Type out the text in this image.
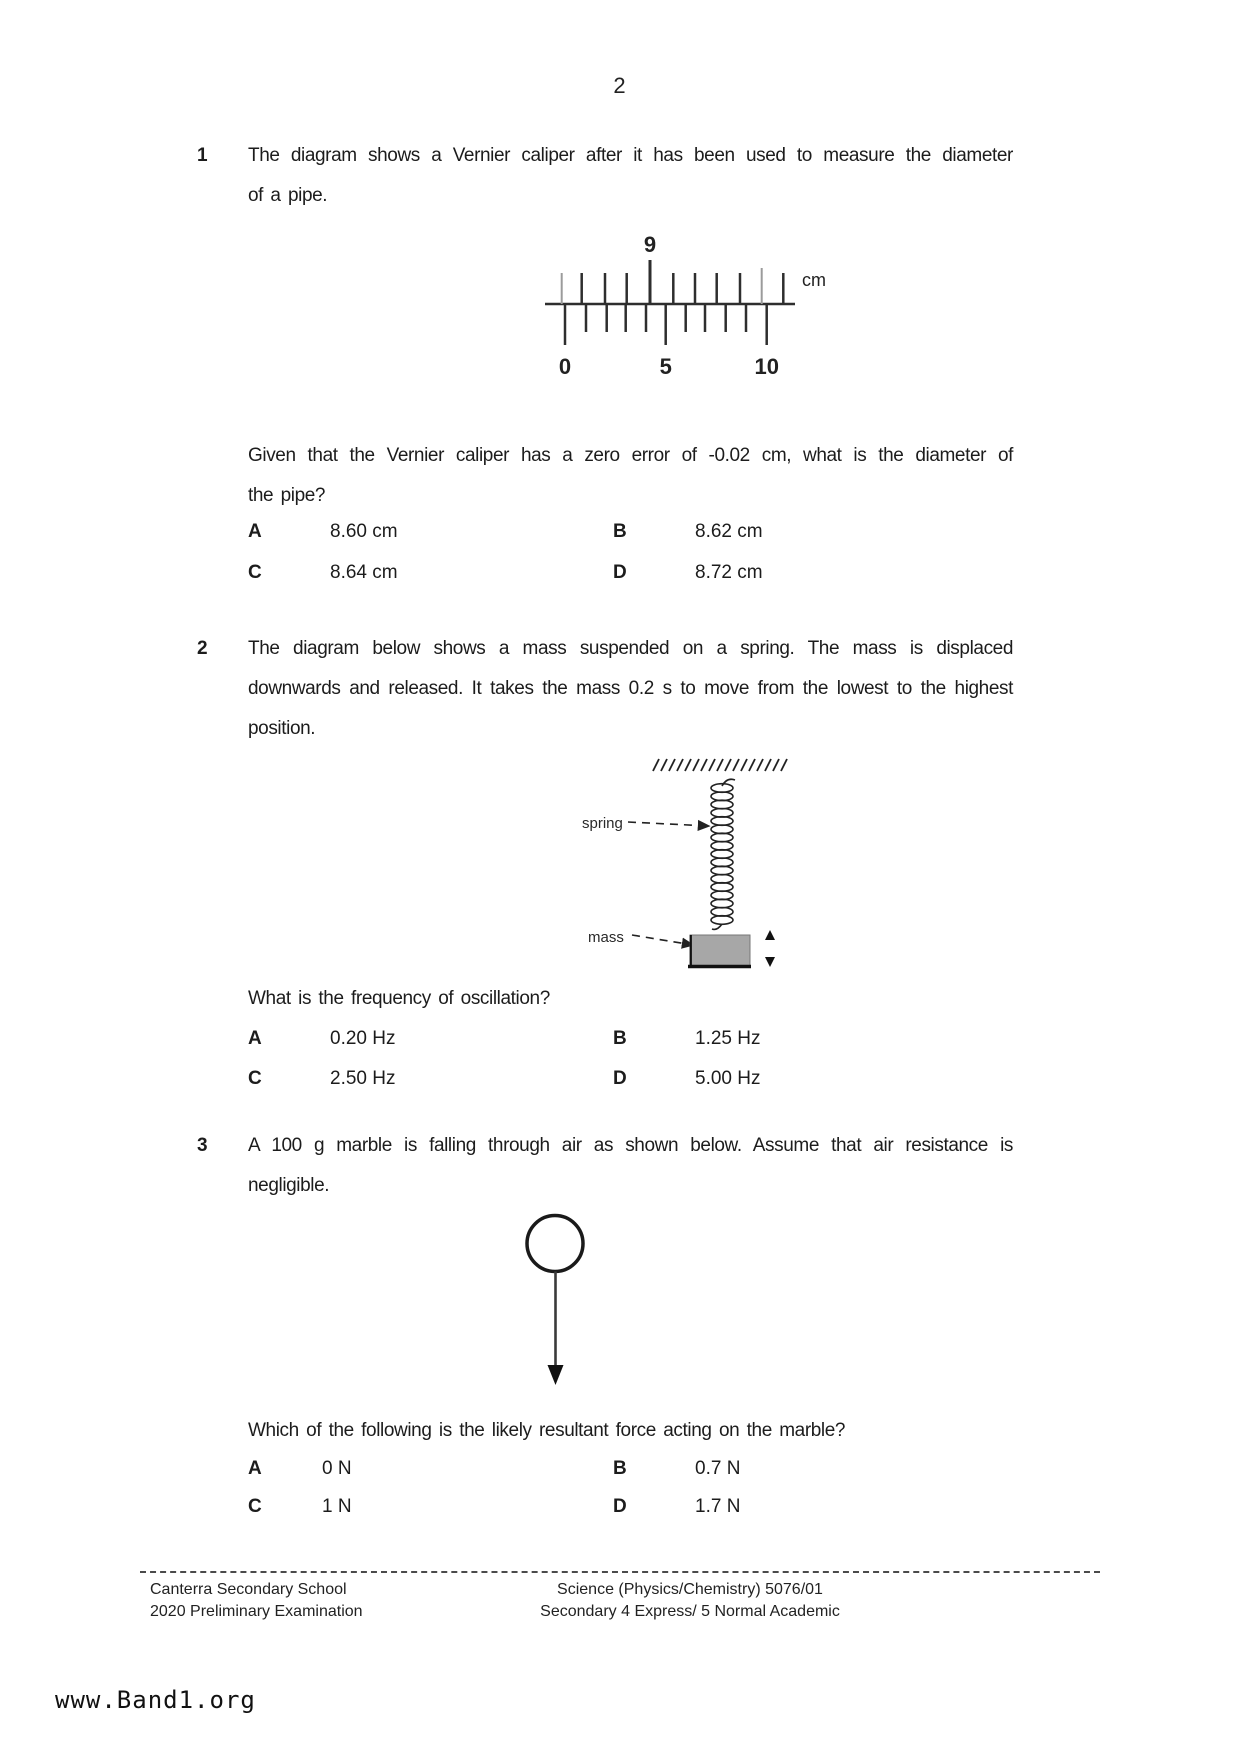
2
1	The diagram shows a Vernier caliper after it has been used to measure the diameter
of a pipe.
9
cm
0	5	10
Given that the Vernier caliper has a zero error of -0.02 cm, what is the diameter of
the pipe?
A	8.60 cm	B	8.62 cm
C	8.64 cm	D	8.72 cm
2	The diagram below shows a mass suspended on a spring. The mass is displaced
downwards and released. It takes the mass 0.2 s to move from the lowest to the highest
position.
spring
mass
What is the frequency of oscillation?
A	0.20 Hz	B	1.25 Hz
C	2.50 Hz	D	5.00 Hz
3	A 100 g marble is falling through air as shown below. Assume that air resistance is
negligible.
Which of the following is the likely resultant force acting on the marble?
A	0 N	B	0.7 N
C	1 N	D	1.7 N
Canterra Secondary School
2020 Preliminary Examination
Science (Physics/Chemistry) 5076/01
Secondary 4 Express/ 5 Normal Academic
www.Band1.org
